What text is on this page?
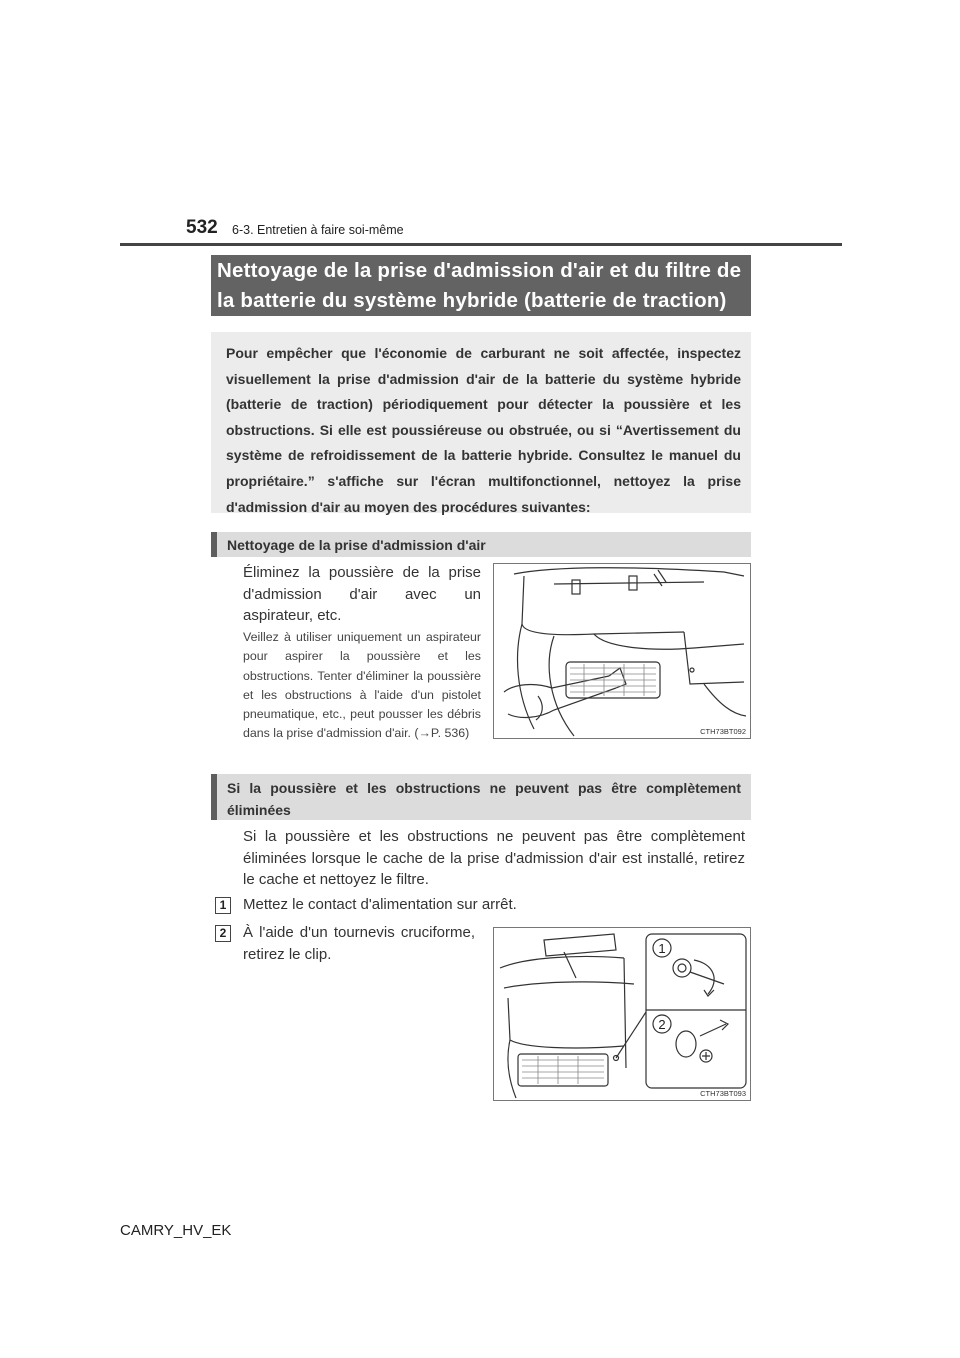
532 6-3. Entretien à faire soi-même
Nettoyage de la prise d'admission d'air et du filtre de la batterie du système hybride (batterie de traction)
Pour empêcher que l'économie de carburant ne soit affectée, inspectez visuellement la prise d'admission d'air de la batterie du système hybride (batterie de traction) périodiquement pour détecter la poussière et les obstructions. Si elle est poussiéreuse ou obstruée, ou si “Avertissement du système de refroidissement de la batterie hybride. Consultez le manuel du propriétaire.” s'affiche sur l'écran multifonctionnel, nettoyez la prise d'admission d'air au moyen des procédures suivantes:
Nettoyage de la prise d'admission d'air
Éliminez la poussière de la prise d'admission d'air avec un aspirateur, etc.
Veillez à utiliser uniquement un aspirateur pour aspirer la poussière et les obstructions. Tenter d'éliminer la poussière et les obstructions à l'aide d'un pistolet pneumatique, etc., peut pousser les débris dans la prise d'admission d'air. (→P. 536)	CTH73BT092
Si la poussière et les obstructions ne peuvent pas être complètement éliminées
Si la poussière et les obstructions ne peuvent pas être complètement éliminées lorsque le cache de la prise d'admission d'air est installé, retirez le cache et nettoyez le filtre.
1	Mettez le contact d'alimentation sur arrêt.
2	À l'aide d'un tournevis cruciforme, retirez le clip.	1
2
CTH73BT093
CAMRY_HV_EK
